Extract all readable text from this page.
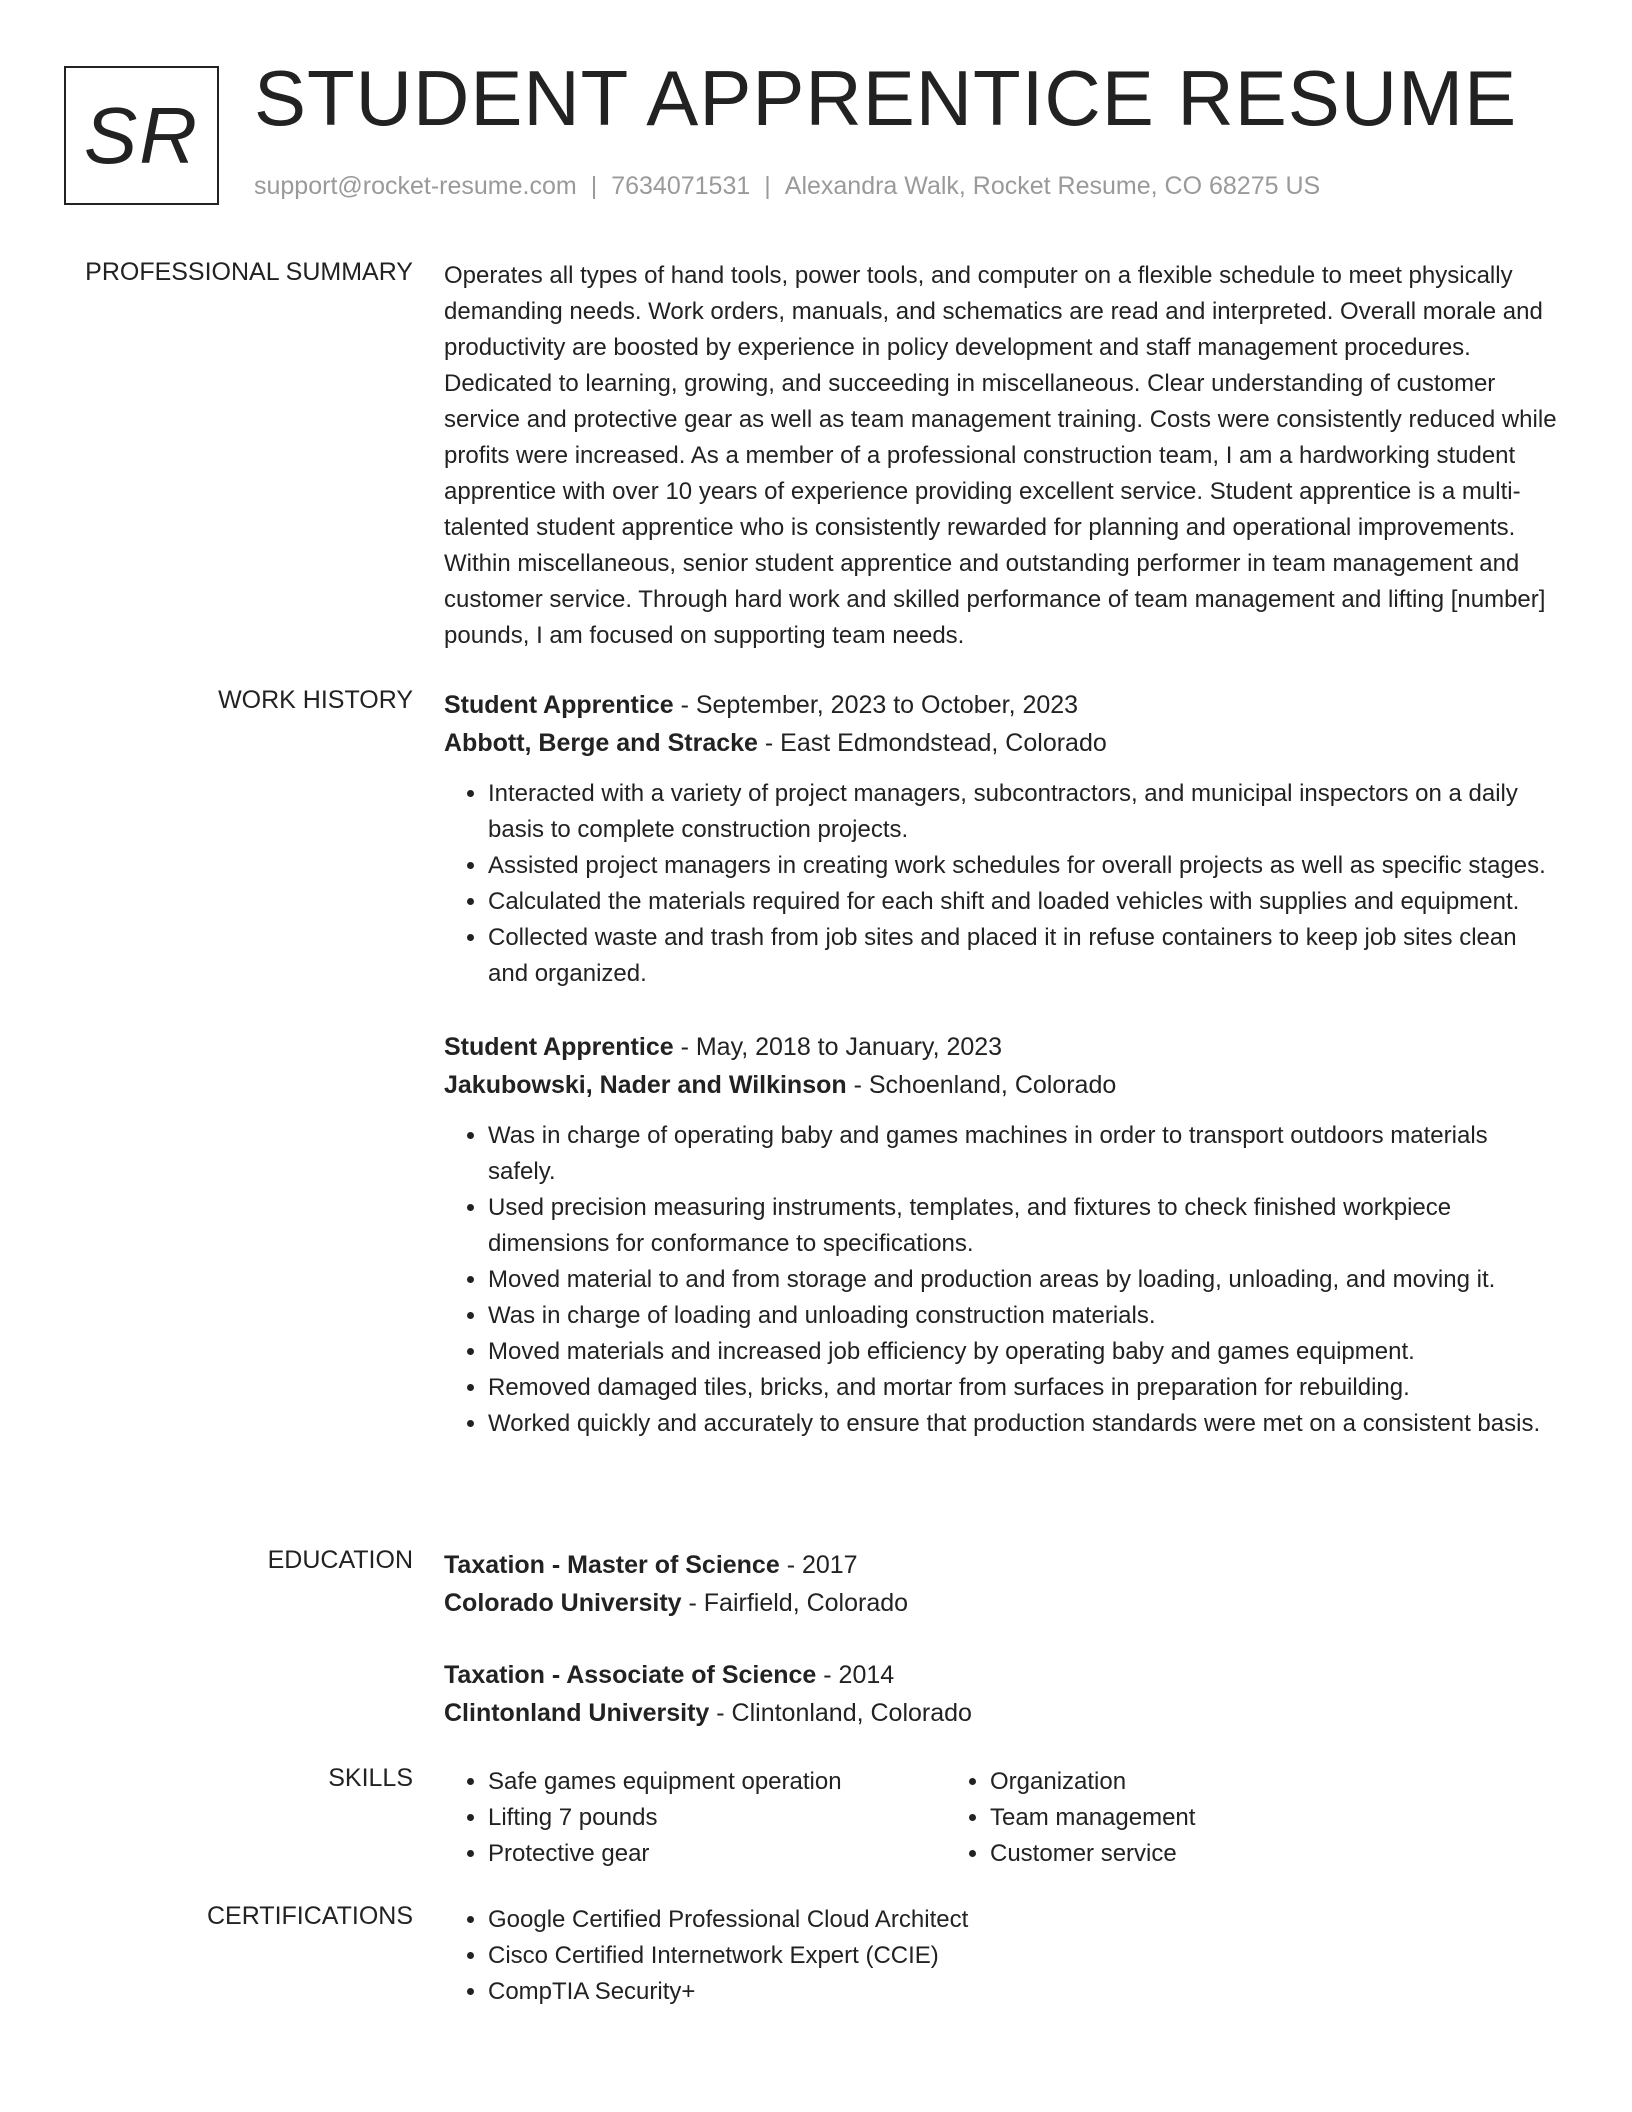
SR STUDENT APPRENTICE RESUME
support@rocket-resume.com | 7634071531 | Alexandra Walk, Rocket Resume, CO 68275 US
PROFESSIONAL SUMMARY Operates all types of hand tools, power tools, and computer on a flexible schedule to meet physically demanding needs. Work orders, manuals, and schematics are read and interpreted. Overall morale and productivity are boosted by experience in policy development and staff management procedures. Dedicated to learning, growing, and succeeding in miscellaneous. Clear understanding of customer service and protective gear as well as team management training. Costs were consistently reduced while profits were increased. As a member of a professional construction team, I am a hardworking student apprentice with over 10 years of experience providing excellent service. Student apprentice is a multi-talented student apprentice who is consistently rewarded for planning and operational improvements. Within miscellaneous, senior student apprentice and outstanding performer in team management and customer service. Through hard work and skilled performance of team management and lifting [number] pounds, I am focused on supporting team needs.

WORK HISTORY Student Apprentice - September, 2023 to October, 2023
Abbott, Berge and Stracke - East Edmondstead, Colorado
• Interacted with a variety of project managers, subcontractors, and municipal inspectors on a daily basis to complete construction projects.
• Assisted project managers in creating work schedules for overall projects as well as specific stages.
• Calculated the materials required for each shift and loaded vehicles with supplies and equipment.
• Collected waste and trash from job sites and placed it in refuse containers to keep job sites clean and organized.
Student Apprentice - May, 2018 to January, 2023
Jakubowski, Nader and Wilkinson - Schoenland, Colorado
• Was in charge of operating baby and games machines in order to transport outdoors materials safely.
• Used precision measuring instruments, templates, and fixtures to check finished workpiece dimensions for conformance to specifications.
• Moved material to and from storage and production areas by loading, unloading, and moving it.
• Was in charge of loading and unloading construction materials.
• Moved materials and increased job efficiency by operating baby and games equipment.
• Removed damaged tiles, bricks, and mortar from surfaces in preparation for rebuilding.
• Worked quickly and accurately to ensure that production standards were met on a consistent basis.
EDUCATION Taxation - Master of Science - 2017
Colorado University - Fairfield, Colorado
Taxation - Associate of Science - 2014
Clintonland University - Clintonland, Colorado
SKILLS	• Safe games equipment operation
• Lifting 7 pounds
• Protective gear
• Organization
• Team management
• Customer service
CERTIFICATIONS	• Google Certified Professional Cloud Architect
• Cisco Certified Internetwork Expert (CCIE)
• CompTIA Security+
